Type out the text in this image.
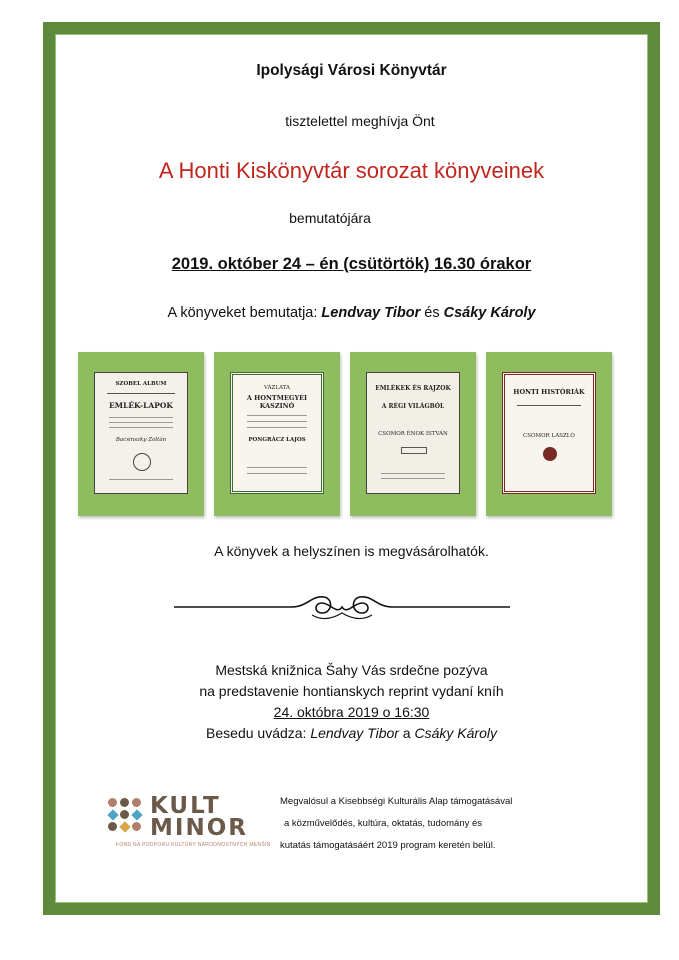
Ipolysági Városi Könyvtár
tisztelettel meghívja Önt
A Honti Kiskönyvtár sorozat könyveinek
bemutatójára
2019. október 24 – én (csütörtök) 16.30 órakor
A könyveket bemutatja: Lendvay Tibor és Csáky Károly
SZOBEL ALBUM
EMLÉK-LAPOK
Bacsinszky Zoltán
VÁZLATA
A HONTMEGYEI KASZINÓ
PONGRÁCZ LAJOS
EMLÉKEK ÉS RAJZOK
A RÉGI VILÁGBÓL
CSOMOR ÉNOK ISTVÁN
HONTI HISTÓRIÁK
CSOMOR LÁSZLÓ
A könyvek a helyszínen is megvásárolhatók.
Mestská knižnica Šahy Vás srdečne pozýva
na predstavenie hontianskych reprint vydaní kníh
24. októbra 2019 o 16:30
Besedu uvádza: Lendvay Tibor a Csáky Károly
KULT
MINOR
FOND NA PODPORU KULTÚRY NÁRODNOSTNÝCH MENŠÍN
Megvalósul a Kisebbségi Kulturális Alap támogatásával
a közművelődés, kultúra, oktatás, tudomány és
kutatás támogatásáért 2019 program keretén belül.
